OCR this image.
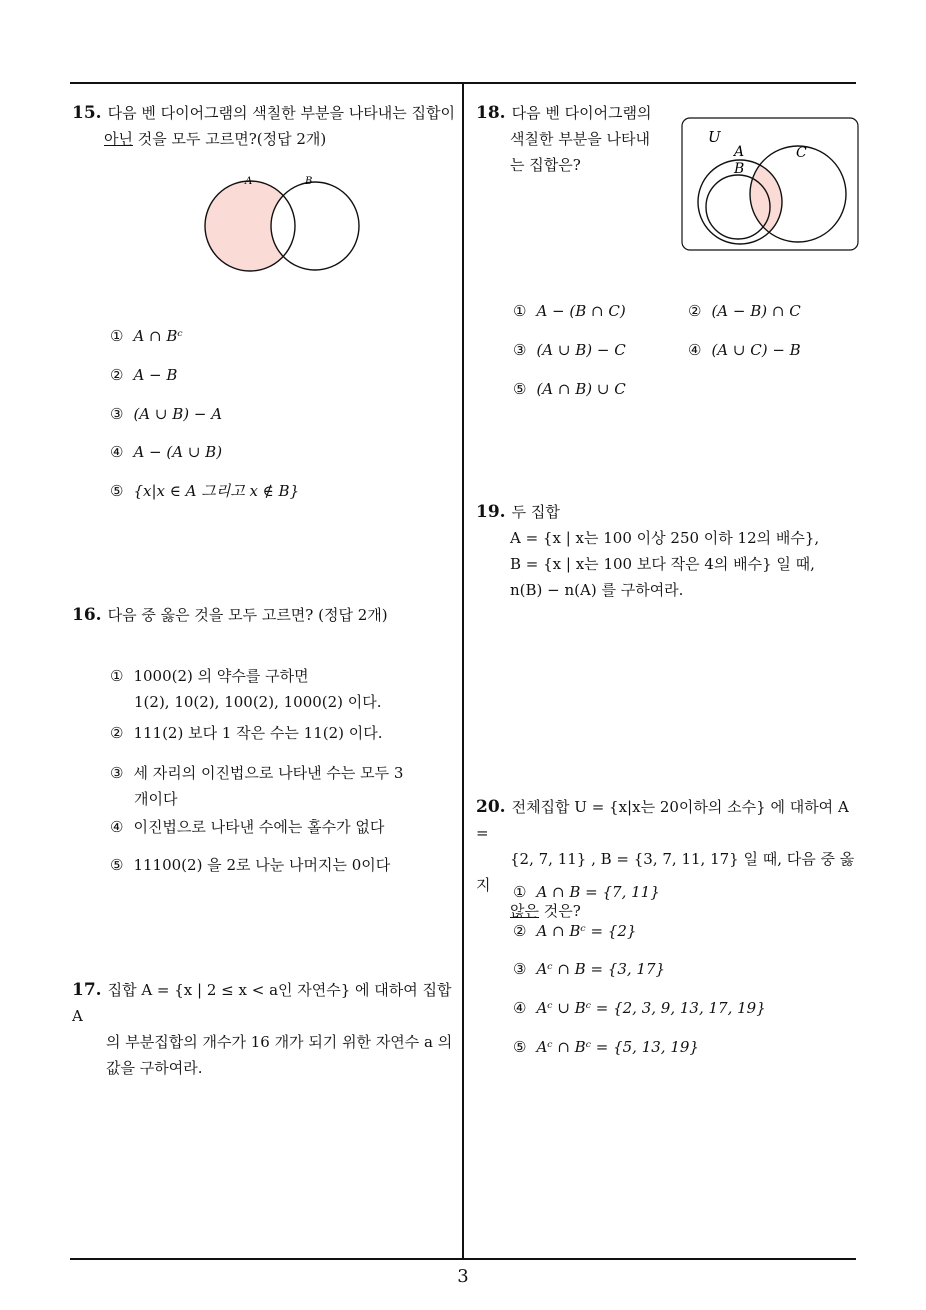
15. 다음 벤 다이어그램의 색칠한 부분을 나타내는 집합이
아닌 것을 모두 고르면?(정답 2개)
A	B
① A ∩ Bᶜ
② A − B
③ (A ∪ B) − A
④ A − (A ∪ B)
⑤ {x|x ∈ A 그리고 x ∉ B}
16. 다음 중 옳은 것을 모두 고르면? (정답 2개)
① 1000(2) 의 약수를 구하면
1(2), 10(2), 100(2), 1000(2) 이다.
② 111(2) 보다 1 작은 수는 11(2) 이다.
③ 세 자리의 이진법으로 나타낸 수는 모두 3
개이다
④ 이진법으로 나타낸 수에는 홀수가 없다
⑤ 11100(2) 을 2로 나눈 나머지는 0이다
17. 집합 A = {x | 2 ≤ x < a인 자연수} 에 대하여 집합 A
의 부분집합의 개수가 16 개가 되기 위한 자연수 a 의
값을 구하여라.
18. 다음 벤 다이어그램의
색칠한 부분을 나타내
는 집합은?
U
A
B
C
① A − (B ∩ C)	② (A − B) ∩ C
③ (A ∪ B) − C	④ (A ∪ C) − B
⑤ (A ∩ B) ∪ C
19. 두 집합
A = {x | x는 100 이상 250 이하 12의 배수},
B = {x | x는 100 보다 작은 4의 배수} 일 때,
n(B) − n(A) 를 구하여라.
20. 전체집합 U = {x|x는 20이하의 소수} 에 대하여 A =
{2, 7, 11} , B = {3, 7, 11, 17} 일 때, 다음 중 옳지
않은 것은?
① A ∩ B = {7, 11}
② A ∩ Bᶜ = {2}
③ Aᶜ ∩ B = {3, 17}
④ Aᶜ ∪ Bᶜ = {2, 3, 9, 13, 17, 19}
⑤ Aᶜ ∩ Bᶜ = {5, 13, 19}
3
